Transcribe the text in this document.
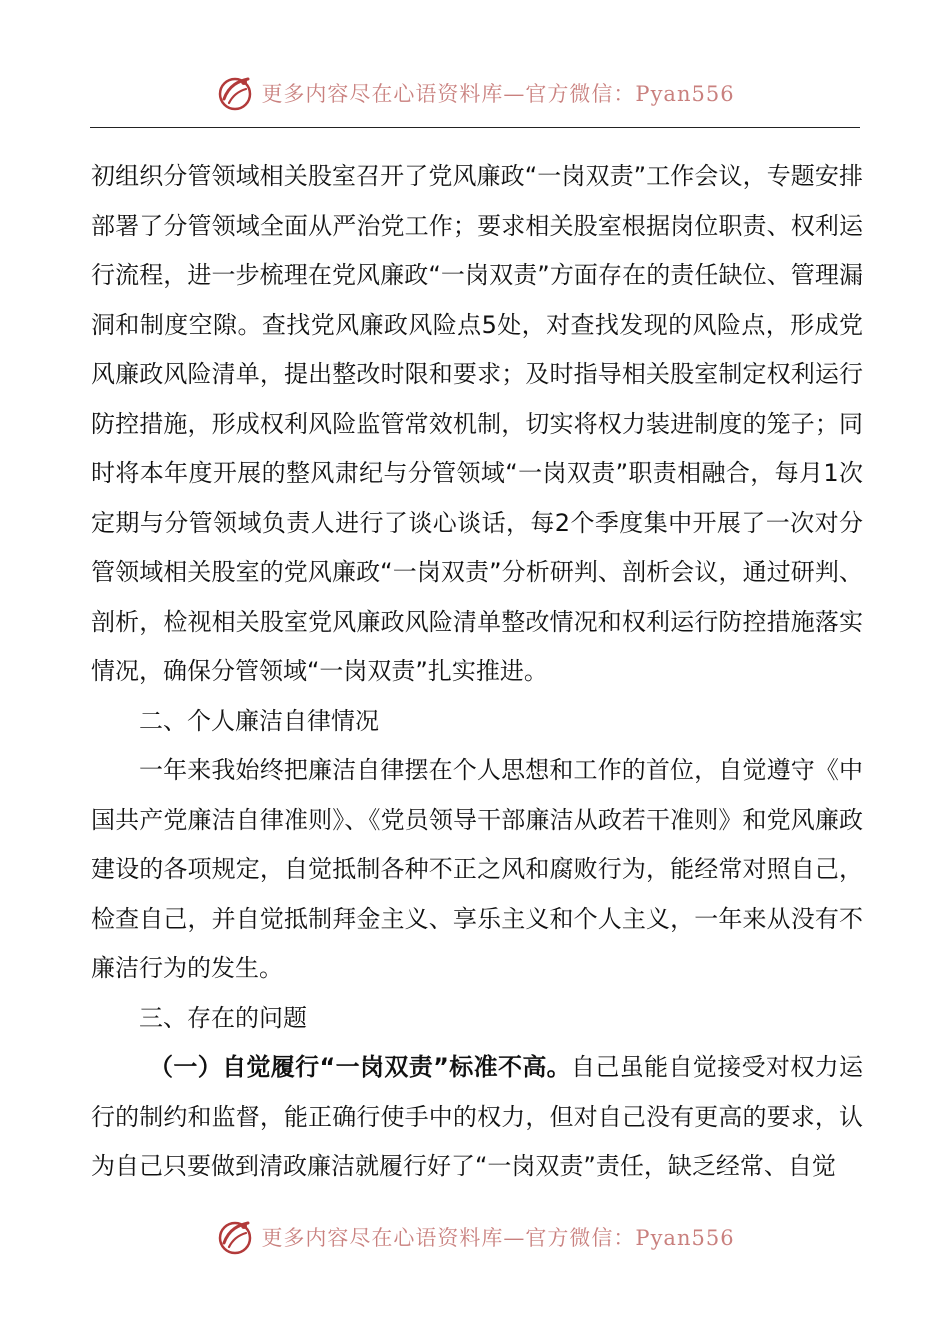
更多内容尽在心语资料库—官方微信：Pyan556

初组织分管领域相关股室召开了党风廉政“一岗双责”工作会议，专题安排部署了分管领域全面从严治党工作；要求相关股室根据岗位职责、权利运行流程，进一步梳理在党风廉政“一岗双责”方面存在的责任缺位、管理漏洞和制度空隙。查找党风廉政风险点5处，对查找发现的风险点，形成党风廉政风险清单，提出整改时限和要求；及时指导相关股室制定权利运行防控措施，形成权利风险监管常效机制，切实将权力装进制度的笼子；同时将本年度开展的整风肃纪与分管领域“一岗双责”职责相融合，每月1次定期与分管领域负责人进行了谈心谈话，每2个季度集中开展了一次对分管领域相关股室的党风廉政“一岗双责”分析研判、剖析会议，通过研判、剖析，检视相关股室党风廉政风险清单整改情况和权利运行防控措施落实情况，确保分管领域“一岗双责”扎实推进。

二、个人廉洁自律情况

一年来我始终把廉洁自律摆在个人思想和工作的首位，自觉遵守《中国共产党廉洁自律准则》、《党员领导干部廉洁从政若干准则》和党风廉政建设的各项规定，自觉抵制各种不正之风和腐败行为，能经常对照自己，检查自己，并自觉抵制拜金主义、享乐主义和个人主义，一年来从没有不廉洁行为的发生。

三、存在的问题

（一）自觉履行“一岗双责”标准不高。自己虽能自觉接受对权力运行的制约和监督，能正确行使手中的权力，但对自己没有更高的要求，认为自己只要做到清政廉洁就履行好了“一岗双责”责任，缺乏经常、自觉

更多内容尽在心语资料库—官方微信：Pyan556
